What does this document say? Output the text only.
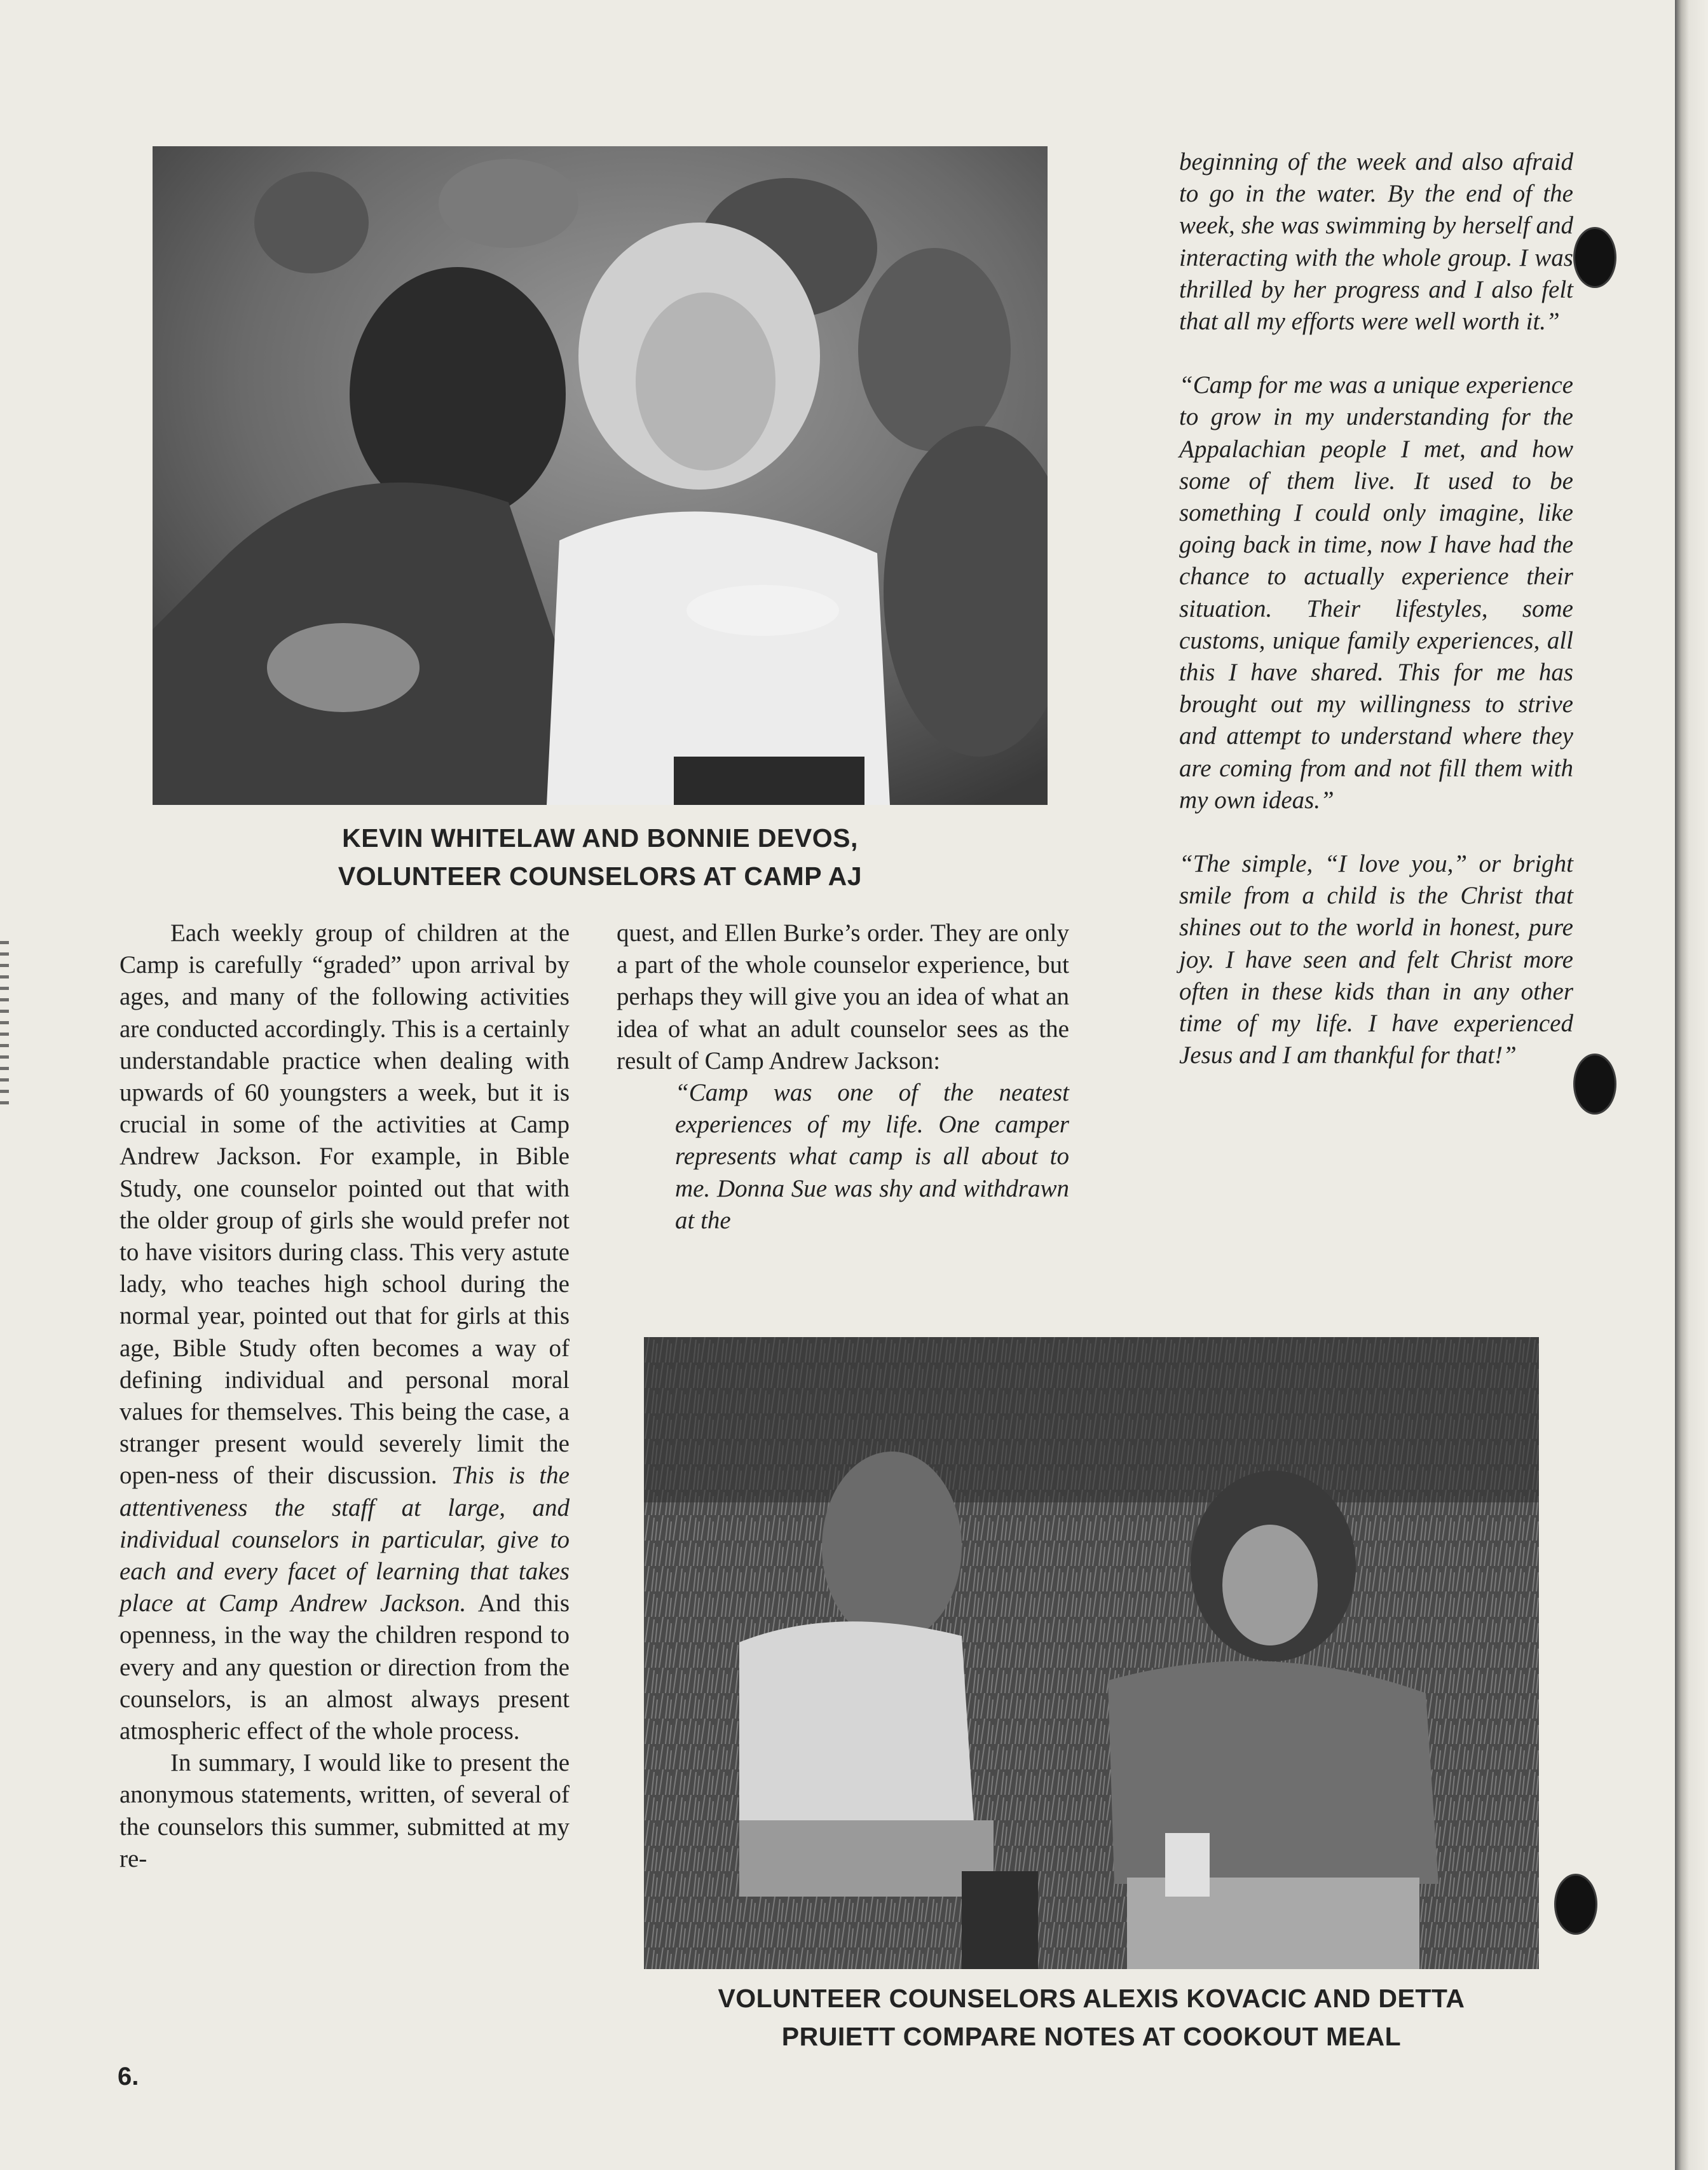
KEVIN WHITELAW AND BONNIE DEVOS,
VOLUNTEER COUNSELORS AT CAMP AJ

Each weekly group of children at the Camp is carefully “graded” upon arrival by ages, and many of the following activities are conducted accordingly. This is a certainly understandable practice when dealing with upwards of 60 youngsters a week, but it is crucial in some of the activities at Camp Andrew Jackson. For example, in Bible Study, one counselor pointed out that with the older group of girls she would prefer not to have visitors during class. This very astute lady, who teaches high school during the normal year, pointed out that for girls at this age, Bible Study often becomes a way of defining individual and personal moral values for themselves. This being the case, a stranger present would severely limit the open-ness of their discussion. This is the attentiveness the staff at large, and individual counselors in particular, give to each and every facet of learning that takes place at Camp Andrew Jackson. And this openness, in the way the children respond to every and any question or direction from the counselors, is an almost always present atmospheric effect of the whole process.

In summary, I would like to present the anonymous statements, written, of several of the counselors this summer, submitted at my re-

quest, and Ellen Burke’s order. They are only a part of the whole counselor experience, but perhaps they will give you an idea of what an idea of what an adult counselor sees as the result of Camp Andrew Jackson:

“Camp was one of the neatest experiences of my life. One camper represents what camp is all about to me. Donna Sue was shy and withdrawn at the

beginning of the week and also afraid to go in the water. By the end of the week, she was swimming by herself and interacting with the whole group. I was thrilled by her progress and I also felt that all my efforts were well worth it.”

“Camp for me was a unique experience to grow in my understanding for the Appalachian people I met, and how some of them live. It used to be something I could only imagine, like going back in time, now I have had the chance to actually experience their situation. Their lifestyles, some customs, unique family experiences, all this I have shared. This for me has brought out my willingness to strive and attempt to understand where they are coming from and not fill them with my own ideas.”

“The simple, “I love you,” or bright smile from a child is the Christ that shines out to the world in honest, pure joy. I have seen and felt Christ more often in these kids than in any other time of my life. I have experienced Jesus and I am thankful for that!”

VOLUNTEER COUNSELORS ALEXIS KOVACIC AND DETTA
PRUIETT COMPARE NOTES AT COOKOUT MEAL
6.
